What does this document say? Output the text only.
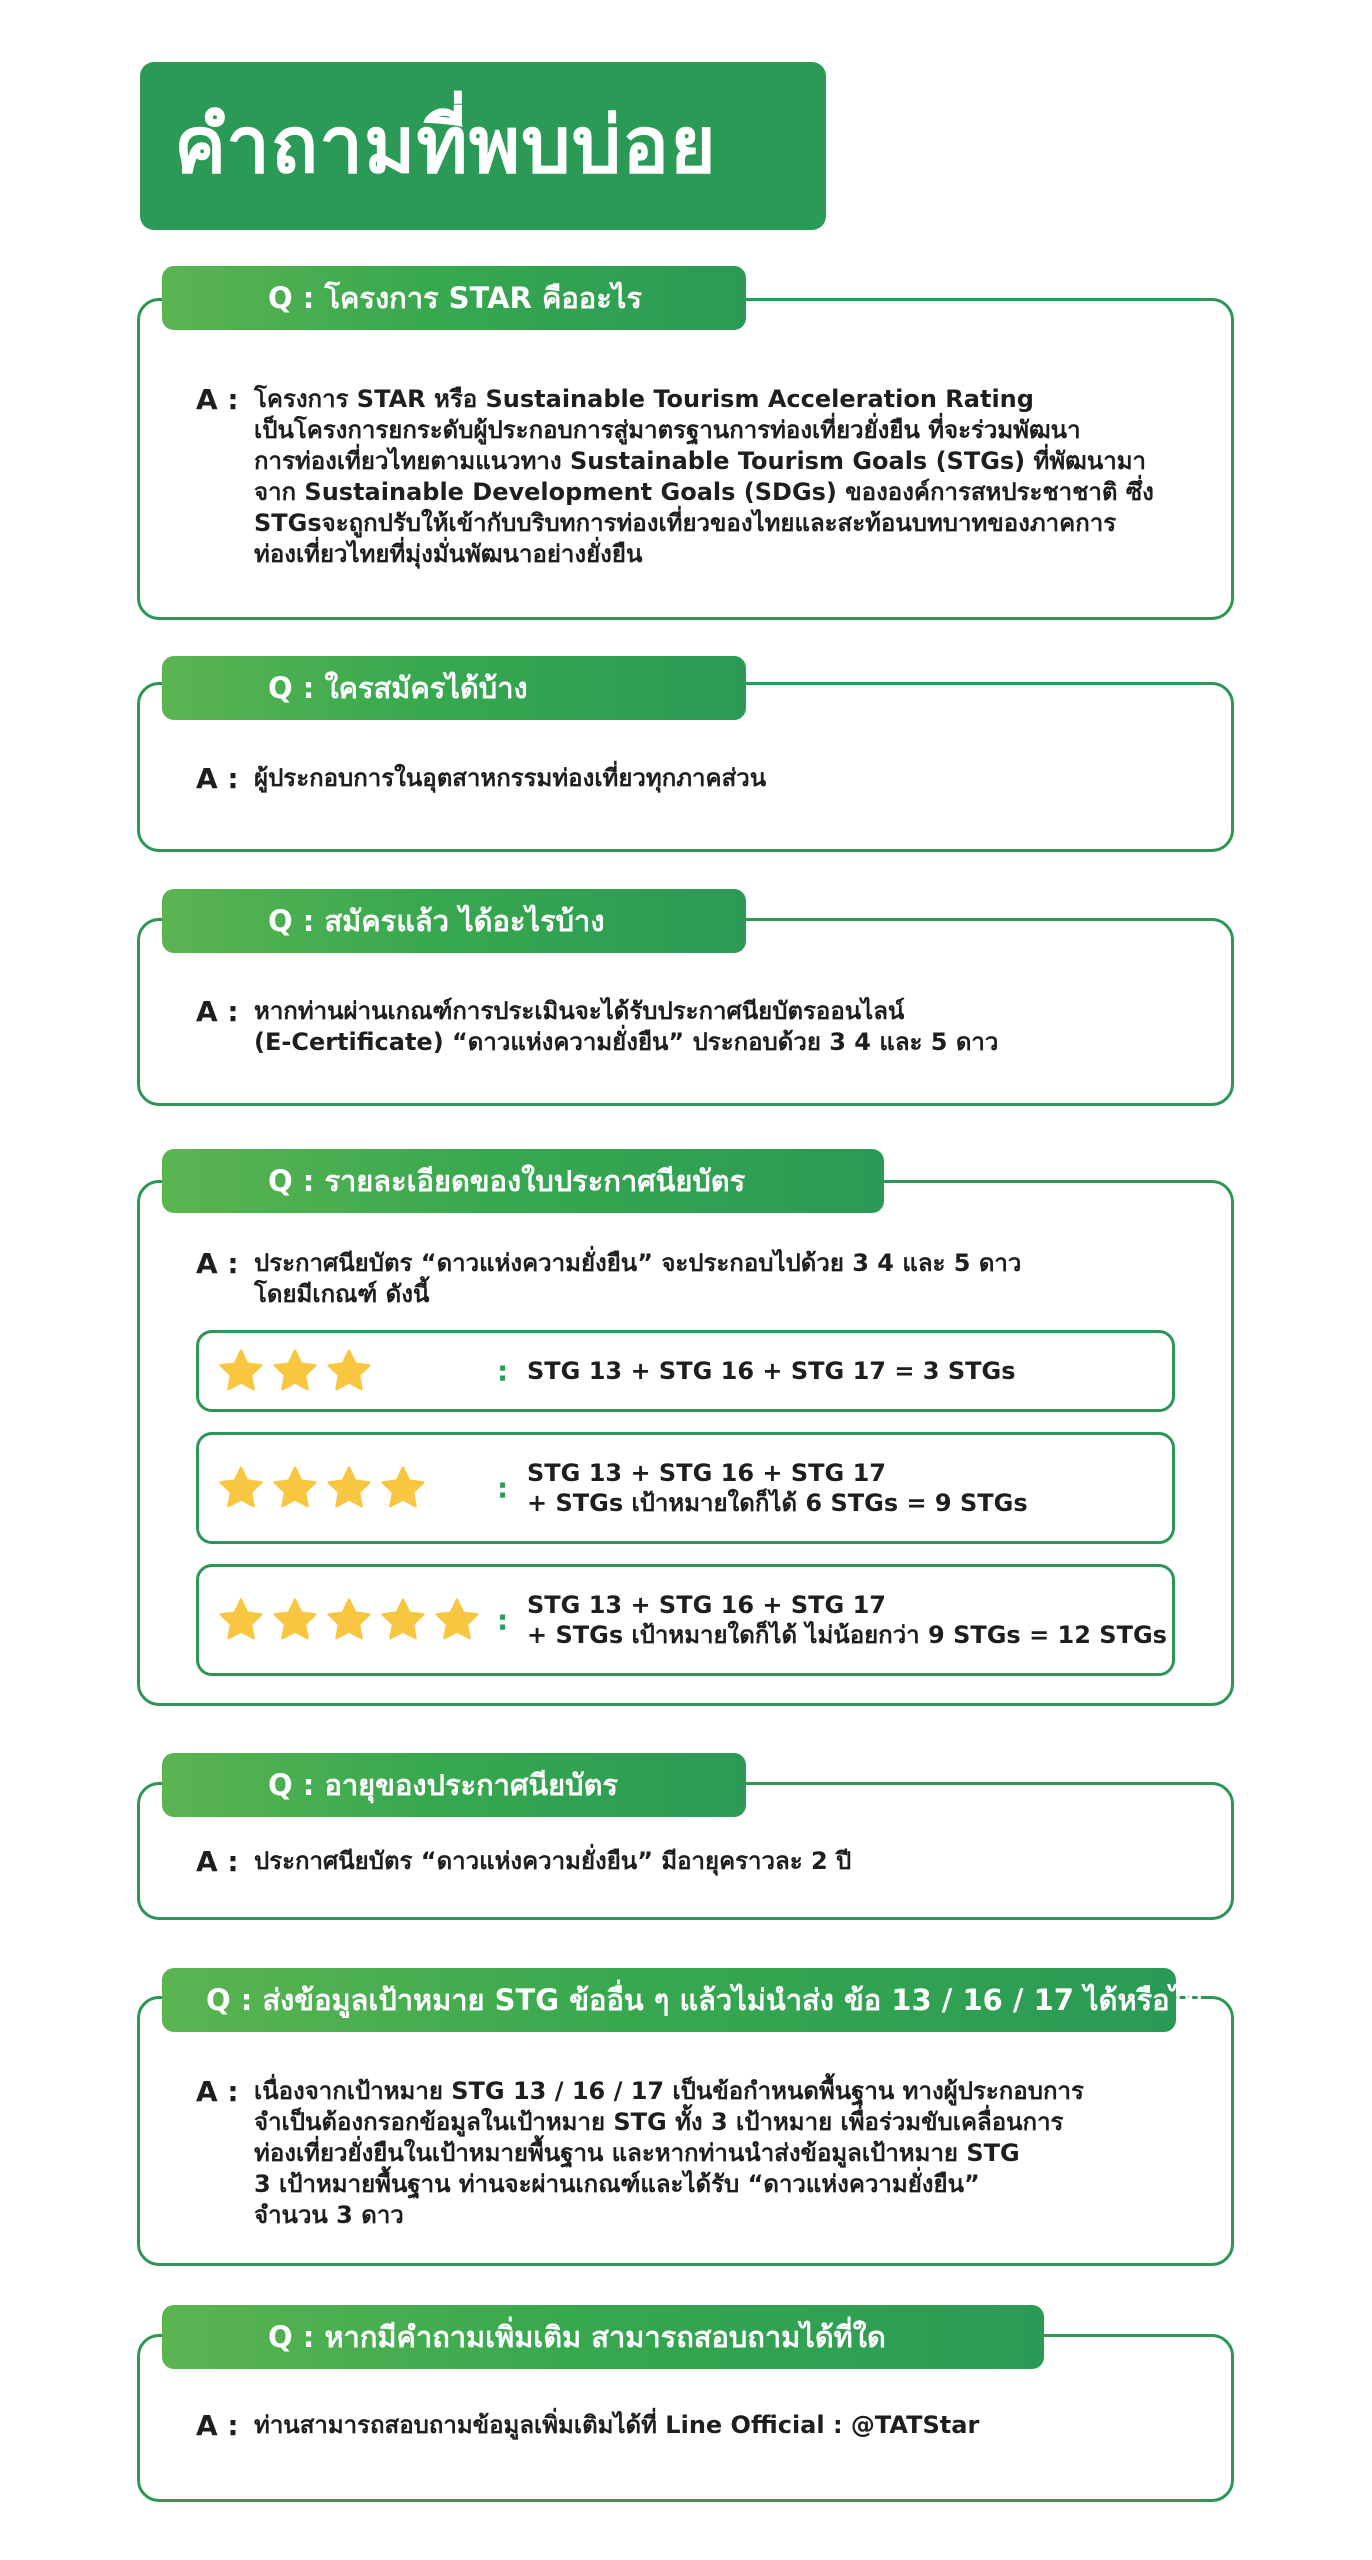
คำถามที่พบบ่อย
Q : โครงการ STAR คืออะไร
A : โครงการ STAR หรือ Sustainable Tourism Acceleration Rating
เป็นโครงการยกระดับผู้ประกอบการสู่มาตรฐานการท่องเที่ยวยั่งยืน ที่จะร่วมพัฒนา
การท่องเที่ยวไทยตามแนวทาง Sustainable Tourism Goals (STGs) ที่พัฒนามา
จาก Sustainable Development Goals (SDGs) ขององค์การสหประชาชาติ ซึ่ง
STGsจะถูกปรับให้เข้ากับบริบทการท่องเที่ยวของไทยและสะท้อนบทบาทของภาคการ
ท่องเที่ยวไทยที่มุ่งมั่นพัฒนาอย่างยั่งยืน
Q : ใครสมัครได้บ้าง
A : ผู้ประกอบการในอุตสาหกรรมท่องเที่ยวทุกภาคส่วน
Q : สมัครแล้ว ได้อะไรบ้าง
A : หากท่านผ่านเกณฑ์การประเมินจะได้รับประกาศนียบัตรออนไลน์
(E-Certificate) “ดาวแห่งความยั่งยืน” ประกอบด้วย 3 4 และ 5 ดาว
Q : รายละเอียดของใบประกาศนียบัตร
A : ประกาศนียบัตร “ดาวแห่งความยั่งยืน” จะประกอบไปด้วย 3 4 และ 5 ดาว
โดยมีเกณฑ์ ดังนี้
: STG 13 + STG 16 + STG 17 = 3 STGs
: STG 13 + STG 16 + STG 17
+ STGs เป้าหมายใดก็ได้ 6 STGs = 9 STGs
: STG 13 + STG 16 + STG 17
+ STGs เป้าหมายใดก็ได้ ไม่น้อยกว่า 9 STGs = 12 STGs
Q : อายุของประกาศนียบัตร
A : ประกาศนียบัตร “ดาวแห่งความยั่งยืน” มีอายุคราวละ 2 ปี
Q : ส่งข้อมูลเป้าหมาย STG ข้ออื่น ๆ แล้วไม่นำส่ง ข้อ 13 / 16 / 17 ได้หรือไม่
A : เนื่องจากเป้าหมาย STG 13 / 16 / 17 เป็นข้อกำหนดพื้นฐาน ทางผู้ประกอบการ
จำเป็นต้องกรอกข้อมูลในเป้าหมาย STG ทั้ง 3 เป้าหมาย เพื่อร่วมขับเคลื่อนการ
ท่องเที่ยวยั่งยืนในเป้าหมายพื้นฐาน และหากท่านนำส่งข้อมูลเป้าหมาย STG
3 เป้าหมายพื้นฐาน ท่านจะผ่านเกณฑ์และได้รับ “ดาวแห่งความยั่งยืน”
จำนวน 3 ดาว
Q : หากมีคำถามเพิ่มเติม สามารถสอบถามได้ที่ใด
A : ท่านสามารถสอบถามข้อมูลเพิ่มเติมได้ที่ Line Official : @TATStar
